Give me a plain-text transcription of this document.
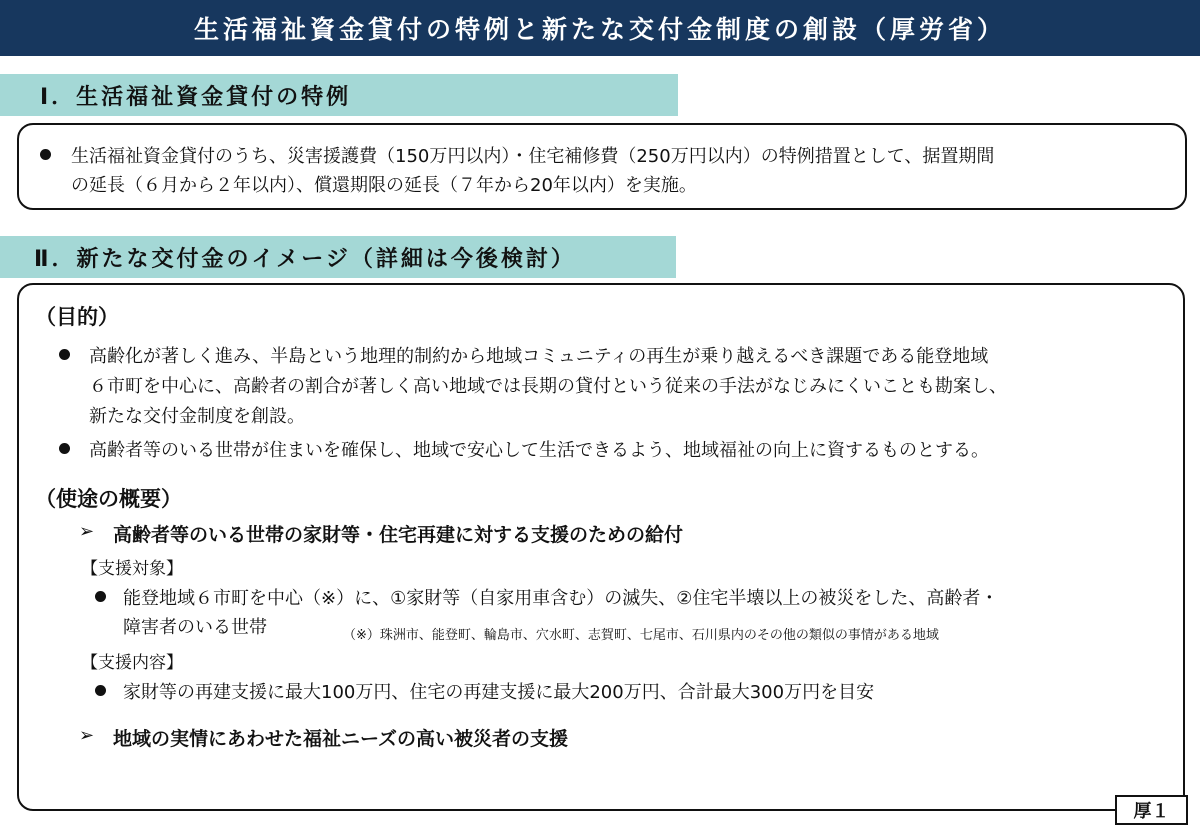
生活福祉資金貸付の特例と新たな交付金制度の創設（厚労省）
Ⅰ．生活福祉資金貸付の特例
生活福祉資金貸付のうち、災害援護費（150万円以内）・住宅補修費（250万円以内）の特例措置として、据置期間
の延長（６月から２年以内）、償還期限の延長（７年から20年以内）を実施。
Ⅱ．新たな交付金のイメージ（詳細は今後検討）
（目的）
高齢化が著しく進み、半島という地理的制約から地域コミュニティの再生が乗り越えるべき課題である能登地域
６市町を中心に、高齢者の割合が著しく高い地域では長期の貸付という従来の手法がなじみにくいことも勘案し、
新たな交付金制度を創設。
高齢者等のいる世帯が住まいを確保し、地域で安心して生活できるよう、地域福祉の向上に資するものとする。
（使途の概要）
➢ 高齢者等のいる世帯の家財等・住宅再建に対する支援のための給付
【支援対象】
能登地域６市町を中心（※）に、①家財等（自家用車含む）の滅失、②住宅半壊以上の被災をした、高齢者・
障害者のいる世帯	（※）珠洲市、能登町、輪島市、穴水町、志賀町、七尾市、石川県内のその他の類似の事情がある地域
【支援内容】
家財等の再建支援に最大100万円、住宅の再建支援に最大200万円、合計最大300万円を目安
➢ 地域の実情にあわせた福祉ニーズの高い被災者の支援
厚１
